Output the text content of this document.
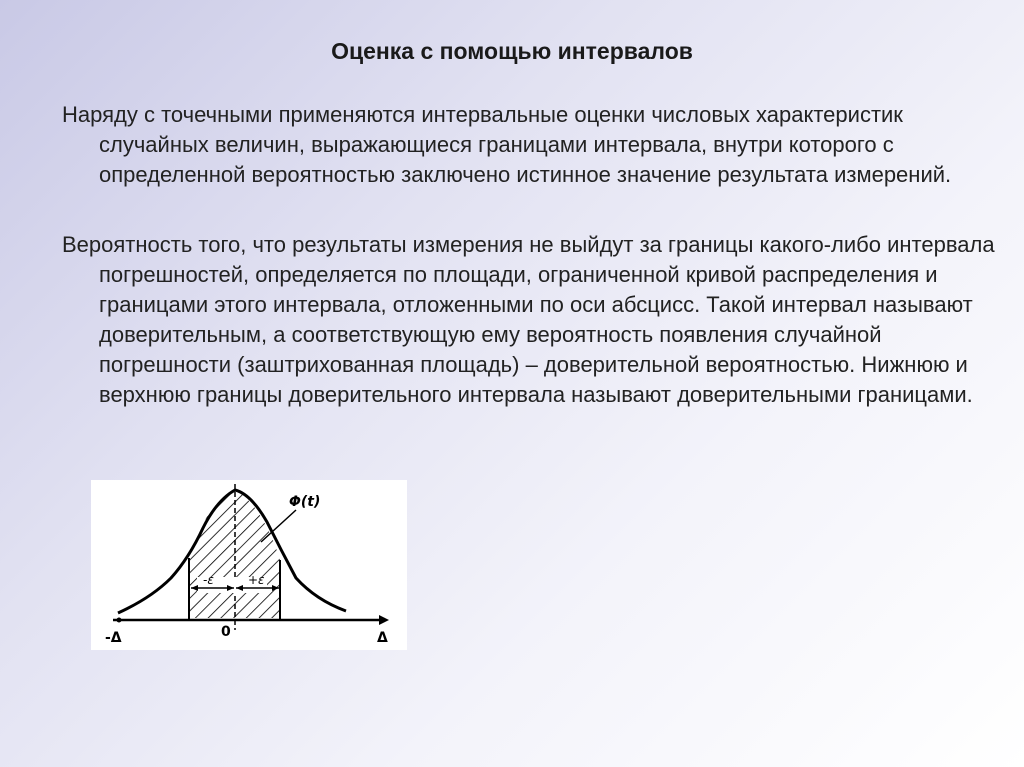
Оценка с помощью интервалов
Наряду с точечными применяются интервальные оценки числовых характеристик случайных величин, выражающиеся границами интервала, внутри которого с определенной вероятностью заключено истинное значение результата измерений.
Вероятность того, что результаты измерения не выйдут за границы какого-либо интервала погрешностей, определяется по площади, ограниченной кривой распределения и границами этого интервала, отложенными по оси абсцисс. Такой интервал называют доверительным, а соответствующую ему вероятность появления случайной погрешности (заштрихованная площадь) – доверительной вероятностью. Нижнюю и верхнюю границы доверительного интервала называют доверительными границами.
-ε	+ε
Φ(t)
-Δ	0	Δ
